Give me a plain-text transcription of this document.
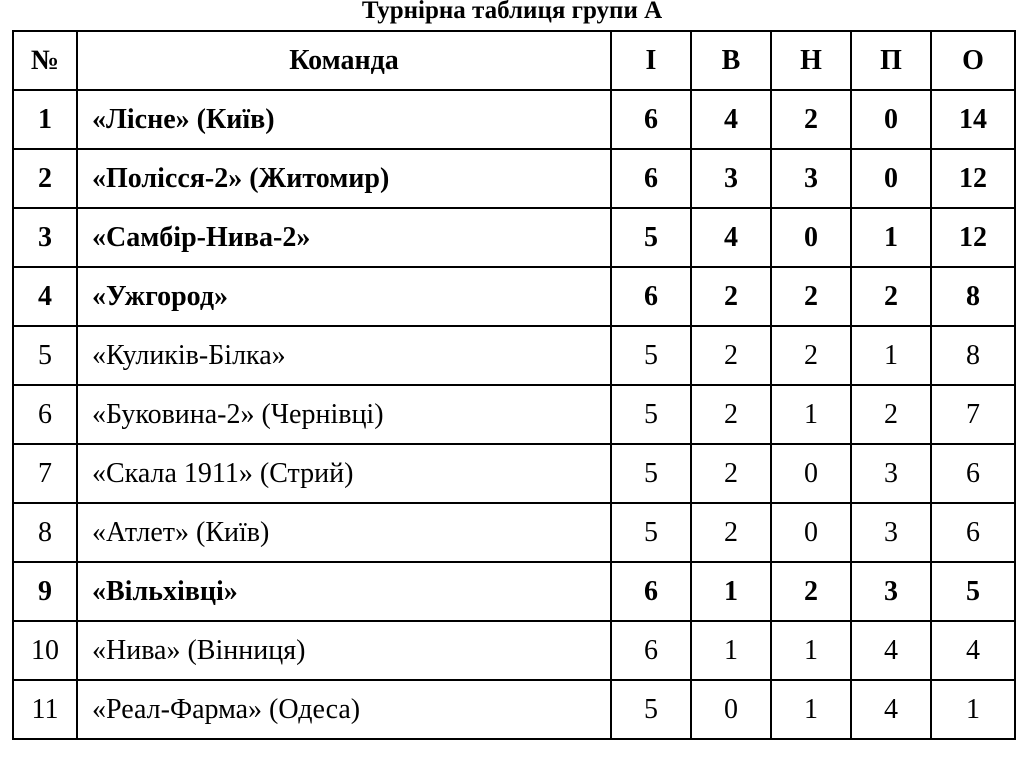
Турнірна таблиця групи А
№	Команда	І	В	Н	П	О
1	«Лісне» (Київ)	6	4	2	0	14
2	«Полісся-2» (Житомир)	6	3	3	0	12
3	«Самбір-Нива-2»	5	4	0	1	12
4	«Ужгород»	6	2	2	2	8
5	«Куликів-Білка»	5	2	2	1	8
6	«Буковина-2» (Чернівці)	5	2	1	2	7
7	«Скала 1911» (Стрий)	5	2	0	3	6
8	«Атлет» (Київ)	5	2	0	3	6
9	«Вільхівці»	6	1	2	3	5
10	«Нива» (Вінниця)	6	1	1	4	4
11	«Реал-Фарма» (Одеса)	5	0	1	4	1
